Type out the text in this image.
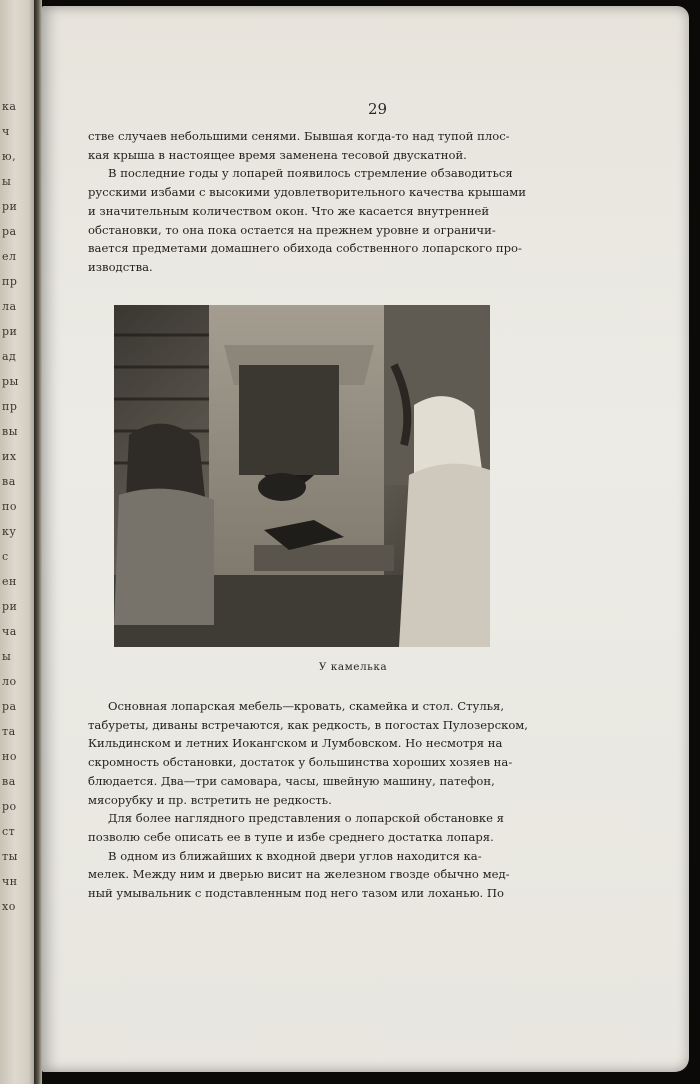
ка
ч
ю,
ы
ри
ра
ел
пр
ла
ри
ад
ры
пр
вы
их
ва
по
ку
с
ен
ри
ча
ы
ло
ра
та
но
ва
ро
ст
ты
чн
хо
29
стве случаев небольшими сенями. Бывшая когда-то над тупой плос-
кая крыша в настоящее время заменена тесовой двускатной.
В последние годы у лопарей появилось стремление обзаводиться
русскими избами с высокими удовлетворительного качества крышами
и значительным количеством окон. Что же касается внутренней
обстановки, то она пока остается на прежнем уровне и ограничи-
вается предметами домашнего обихода собственного лопарского про-
изводства.
У камелька
Основная лопарская мебель—кровать, скамейка и стол. Стулья,
табуреты, диваны встречаются, как редкость, в погостах Пулозерском,
Кильдинском и летних Иокангском и Лумбовском. Но несмотря на
скромность обстановки, достаток у большинства хороших хозяев на-
блюдается. Два—три самовара, часы, швейную машину, патефон,
мясорубку и пр. встретить не редкость.
Для более наглядного представления о лопарской обстановке я
позволю себе описать ее в тупе и избе среднего достатка лопаря.
В одном из ближайших к входной двери углов находится ка-
мелек. Между ним и дверью висит на железном гвозде обычно мед-
ный умывальник с подставленным под него тазом или лоханью. По
